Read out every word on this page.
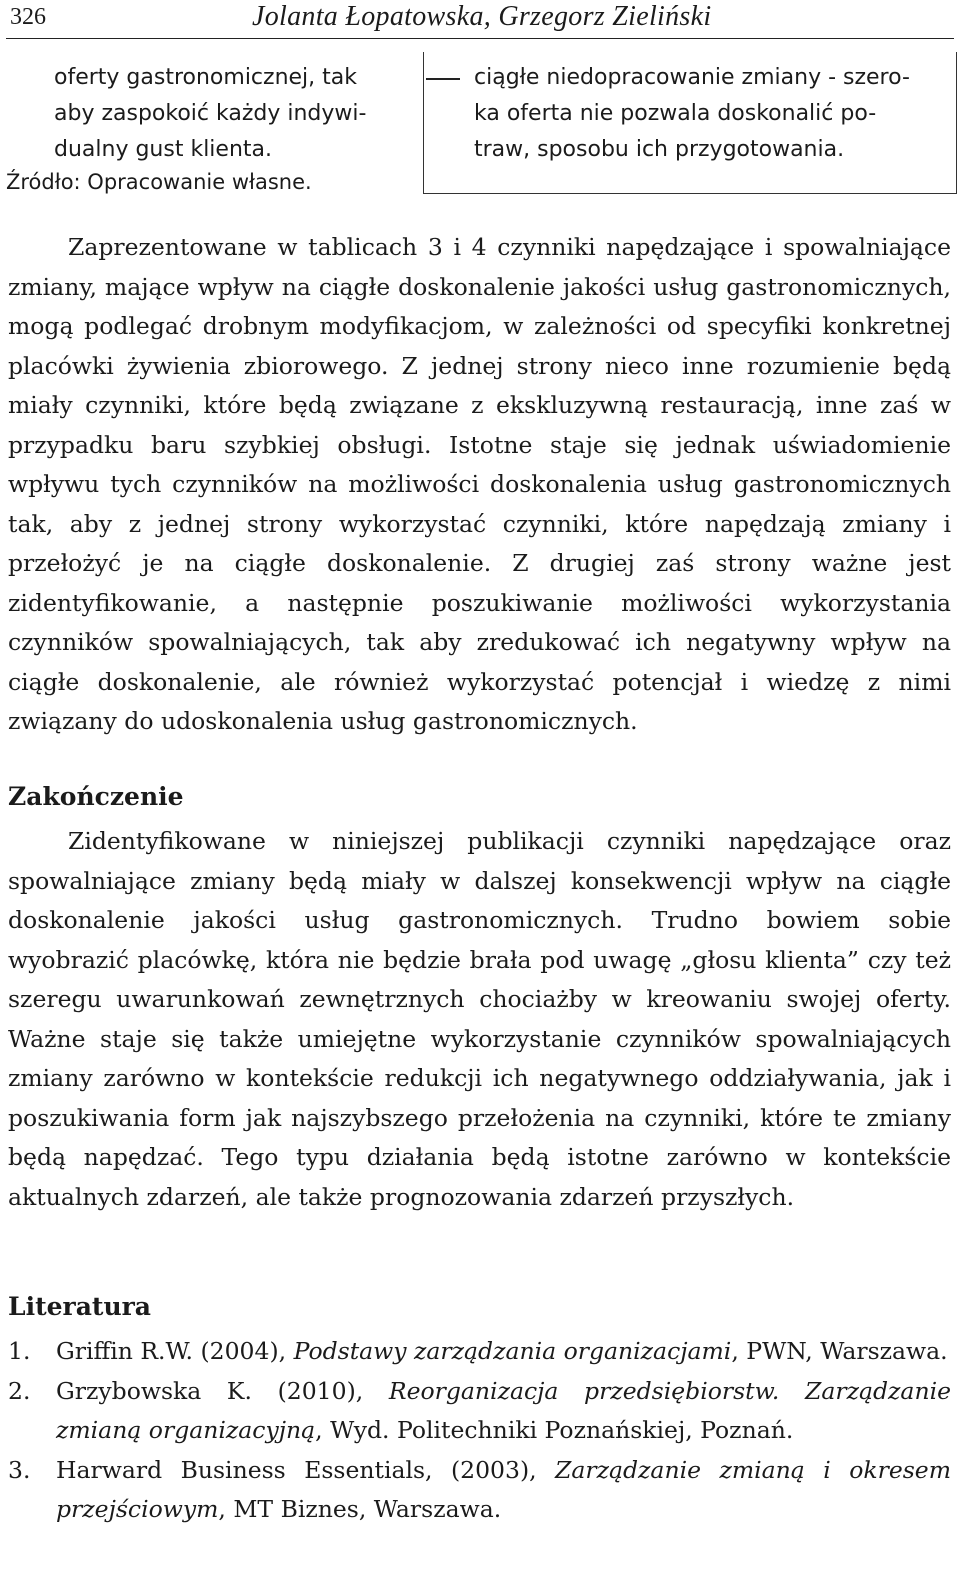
326	Jolanta Łopatowska, Grzegorz Zieliński
oferty gastronomicznej, tak
aby zaspokoić każdy indywi-
dualny gust klienta.
ciągłe niedopracowanie zmiany - szero-
ka oferta nie pozwala doskonalić po-
traw, sposobu ich przygotowania.
Źródło: Opracowanie własne.

Zaprezentowane w tablicach 3 i 4 czynniki napędzające i spowalniające zmiany, mające wpływ na ciągłe doskonalenie jakości usług gastronomicznych, mogą podlegać drobnym modyfikacjom, w zależności od specyfiki konkretnej placówki żywienia zbiorowego. Z jednej strony nieco inne rozumienie będą miały czynniki, które będą związane z ekskluzywną restauracją, inne zaś w przypadku baru szybkiej obsługi. Istotne staje się jednak uświadomienie wpływu tych czynników na możliwości doskonalenia usług gastronomicznych tak, aby z jednej strony wykorzystać czynniki, które napędzają zmiany i przełożyć je na ciągłe doskonalenie. Z drugiej zaś strony ważne jest zidentyfikowanie, a następnie poszukiwanie możliwości wykorzystania czynników spowalniających, tak aby zredukować ich negatywny wpływ na ciągłe doskonalenie, ale również wykorzystać potencjał i wiedzę z nimi związany do udoskonalenia usług gastronomicznych.

Zakończenie

Zidentyfikowane w niniejszej publikacji czynniki napędzające oraz spowalniające zmiany będą miały w dalszej konsekwencji wpływ na ciągłe doskonalenie jakości usług gastronomicznych. Trudno bowiem sobie wyobrazić placówkę, która nie będzie brała pod uwagę „głosu klienta” czy też szeregu uwarunkowań zewnętrznych chociażby w kreowaniu swojej oferty. Ważne staje się także umiejętne wykorzystanie czynników spowalniających zmiany zarówno w kontekście redukcji ich negatywnego oddziaływania, jak i poszukiwania form jak najszybszego przełożenia na czynniki, które te zmiany będą napędzać. Tego typu działania będą istotne zarówno w kontekście aktualnych zdarzeń, ale także prognozowania zdarzeń przyszłych.

Literatura
1. Griffin R.W. (2004), Podstawy zarządzania organizacjami, PWN, Warszawa.
2. Grzybowska K. (2010), Reorganizacja przedsiębiorstw. Zarządzanie zmianą organizacyjną, Wyd. Politechniki Poznańskiej, Poznań.
3. Harward Business Essentials, (2003), Zarządzanie zmianą i okresem przejściowym, MT Biznes, Warszawa.
